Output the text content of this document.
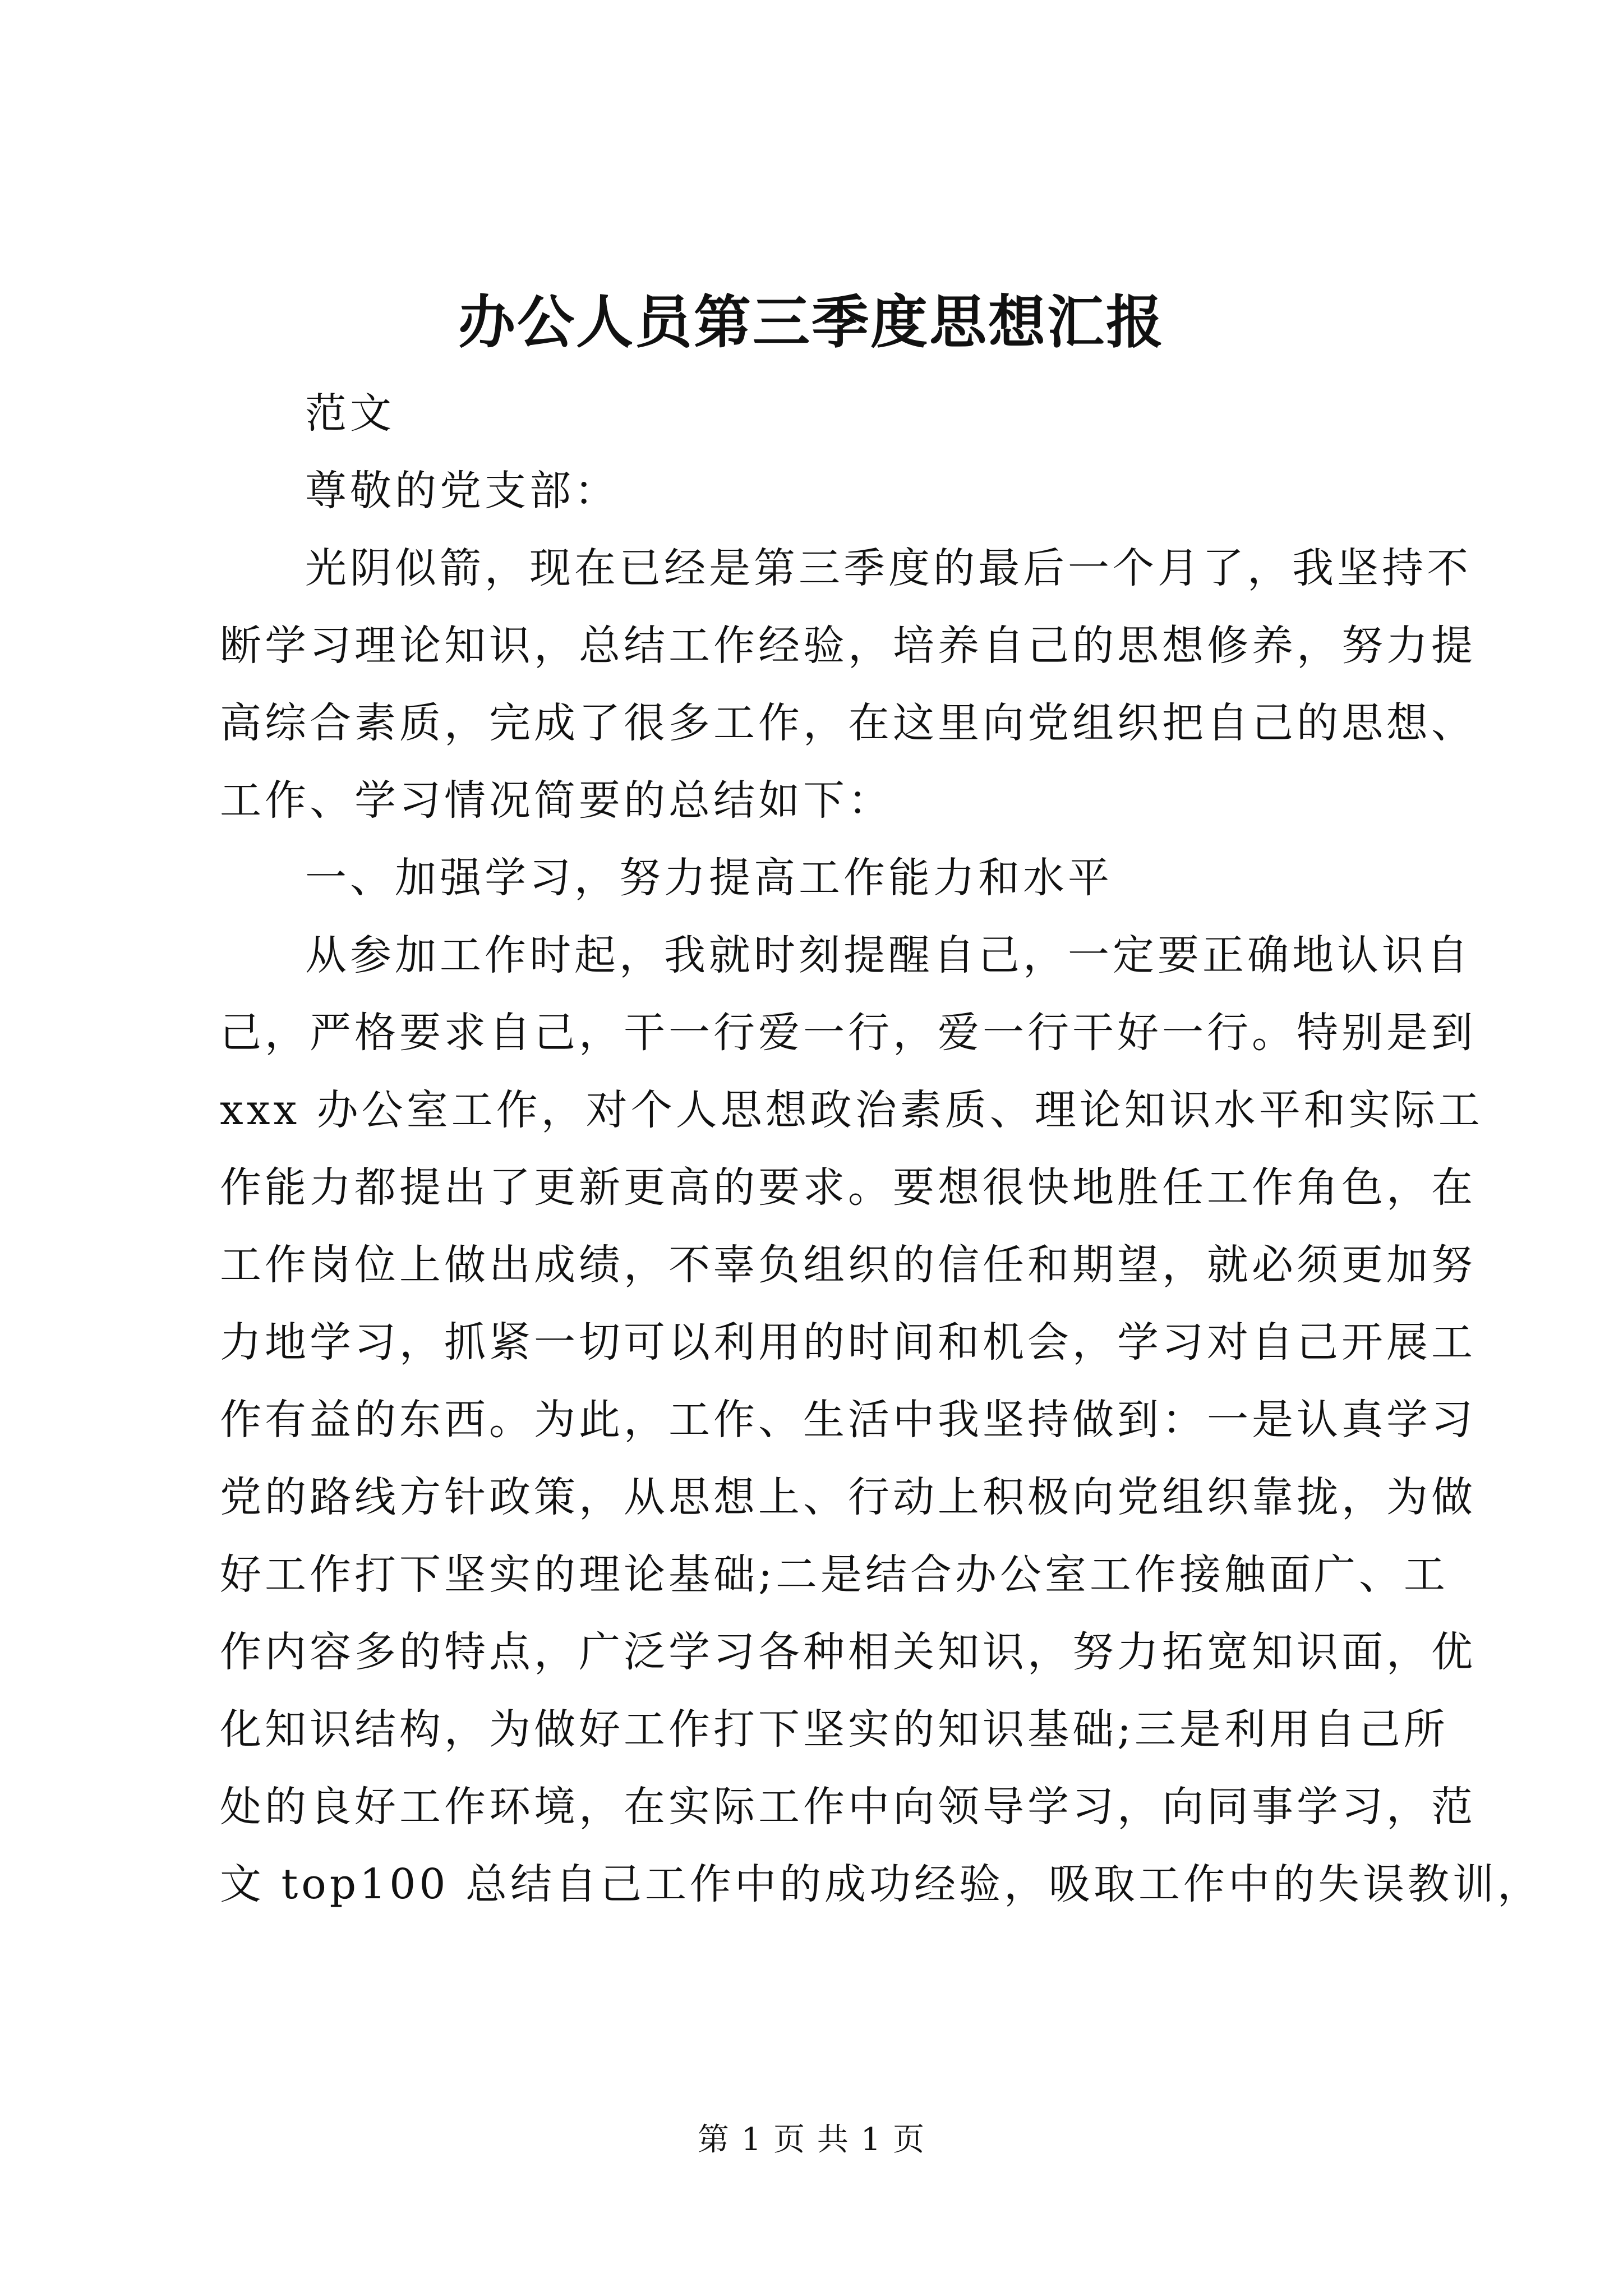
办公人员第三季度思想汇报
范文
尊敬的党支部：
光阴似箭，现在已经是第三季度的最后一个月了，我坚持不
断学习理论知识，总结工作经验，培养自己的思想修养，努力提
高综合素质，完成了很多工作，在这里向党组织把自己的思想、
工作、学习情况简要的总结如下：
一、加强学习，努力提高工作能力和水平
从参加工作时起，我就时刻提醒自己，一定要正确地认识自
己，严格要求自己，干一行爱一行，爱一行干好一行。特别是到
xxx 办公室工作，对个人思想政治素质、理论知识水平和实际工
作能力都提出了更新更高的要求。要想很快地胜任工作角色，在
工作岗位上做出成绩，不辜负组织的信任和期望，就必须更加努
力地学习，抓紧一切可以利用的时间和机会，学习对自己开展工
作有益的东西。为此，工作、生活中我坚持做到：一是认真学习
党的路线方针政策，从思想上、行动上积极向党组织靠拢，为做
好工作打下坚实的理论基础;二是结合办公室工作接触面广、工
作内容多的特点，广泛学习各种相关知识，努力拓宽知识面，优
化知识结构，为做好工作打下坚实的知识基础;三是利用自己所
处的良好工作环境，在实际工作中向领导学习，向同事学习，范
文 top100 总结自己工作中的成功经验，吸取工作中的失误教训，
第 1 页 共 1 页
